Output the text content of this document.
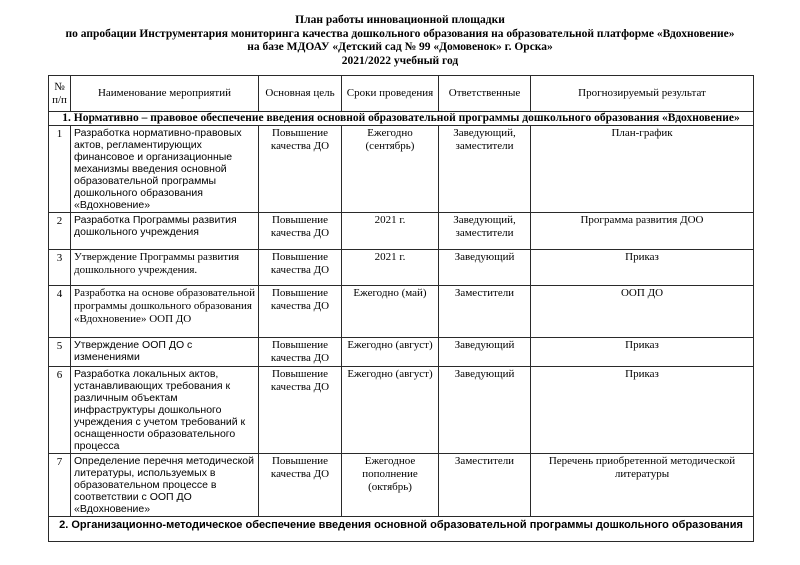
План работы инновационной площадки
по апробации Инструментария мониторинга качества дошкольного образования на образовательной платформе «Вдохновение»
на базе МДОАУ «Детский сад № 99 «Домовенок» г. Орска»
2021/2022 учебный год
№ п/п	Наименование мероприятий	Основная цель	Сроки проведения	Ответственные	Прогнозируемый результат
1. Нормативно – правовое обеспечение введения основной образовательной программы дошкольного образования «Вдохновение»					
1	Разработка нормативно-правовых актов, регламентирующих финансовое и организационные механизмы введения основной образовательной программы дошкольного образования «Вдохновение»	Повышение качества ДО	Ежегодно (сентябрь)	Заведующий, заместители	План-график
2	Разработка Программы развития дошкольного учреждения	Повышение качества ДО	2021 г.	Заведующий, заместители	Программа развития ДОО
3	Утверждение Программы развития дошкольного учреждения.	Повышение качества ДО	2021 г.	Заведующий	Приказ
4	Разработка на основе образовательной программы дошкольного образования «Вдохновение» ООП ДО	Повышение качества ДО	Ежегодно (май)	Заместители	ООП ДО
5	Утверждение ООП ДО с изменениями	Повышение качества ДО	Ежегодно (август)	Заведующий	Приказ
6	Разработка локальных актов, устанавливающих требования к различным объектам инфраструктуры дошкольного учреждения с учетом требований к оснащенности образовательного процесса	Повышение качества ДО	Ежегодно (август)	Заведующий	Приказ
7	Определение перечня методической литературы, используемых в образовательном процессе в соответствии с ООП ДО «Вдохновение»	Повышение качества ДО	Ежегодное пополнение (октябрь)	Заместители	Перечень приобретенной методической литературы
2. Организационно-методическое обеспечение введения основной образовательной программы дошкольного образования					
